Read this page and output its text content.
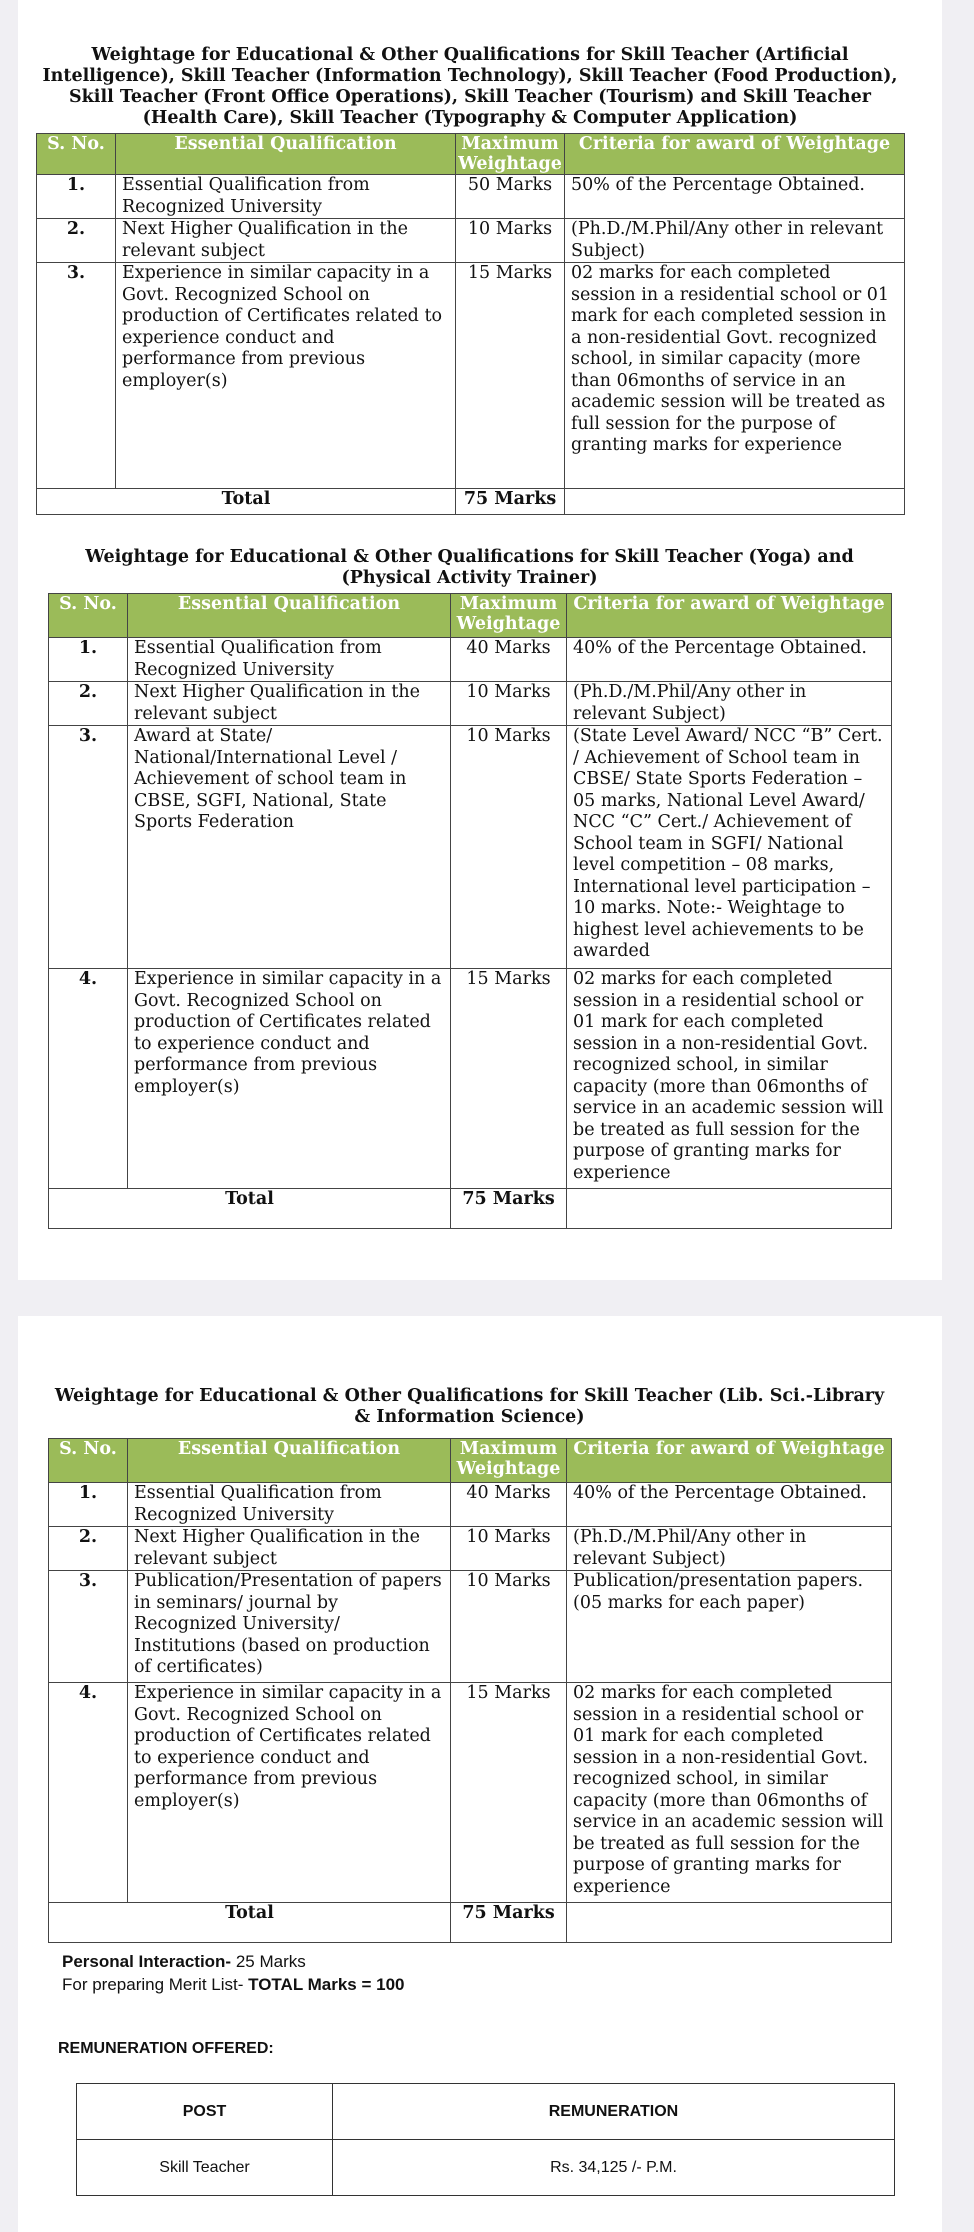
Weightage for Educational & Other Qualifications for Skill Teacher (Artificial Intelligence), Skill Teacher (Information Technology), Skill Teacher (Food Production), Skill Teacher (Front Office Operations), Skill Teacher (Tourism) and Skill Teacher (Health Care), Skill Teacher (Typography & Computer Application)

S. No.	Essential Qualification	Maximum Weightage	Criteria for award of Weightage
1.	Essential Qualification from Recognized University	50 Marks	50% of the Percentage Obtained.
2.	Next Higher Qualification in the relevant subject	10 Marks	(Ph.D./M.Phil/Any other in relevant Subject)
3.	Experience in similar capacity in a Govt. Recognized School on production of Certificates related to experience conduct and performance from previous employer(s)	15 Marks	02 marks for each completed session in a residential school or 01 mark for each completed session in a non-residential Govt. recognized school, in similar capacity (more than 06months of service in an academic session will be treated as full session for the purpose of granting marks for experience
Total		75 Marks	

Weightage for Educational & Other Qualifications for Skill Teacher (Yoga) and (Physical Activity Trainer)

S. No.	Essential Qualification	Maximum Weightage	Criteria for award of Weightage
1.	Essential Qualification from Recognized University	40 Marks	40% of the Percentage Obtained.
2.	Next Higher Qualification in the relevant subject	10 Marks	(Ph.D./M.Phil/Any other in relevant Subject)
3.	Award at State/ National/International Level / Achievement of school team in CBSE, SGFI, National, State Sports Federation	10 Marks	(State Level Award/ NCC “B” Cert. / Achievement of School team in CBSE/ State Sports Federation – 05 marks, National Level Award/ NCC “C” Cert./ Achievement of School team in SGFI/ National level competition – 08 marks, International level participation – 10 marks. Note:- Weightage to highest level achievements to be awarded
4.	Experience in similar capacity in a Govt. Recognized School on production of Certificates related to experience conduct and performance from previous employer(s)	15 Marks	02 marks for each completed session in a residential school or 01 mark for each completed session in a non-residential Govt. recognized school, in similar capacity (more than 06months of service in an academic session will be treated as full session for the purpose of granting marks for experience
Total		75 Marks	

Weightage for Educational & Other Qualifications for Skill Teacher (Lib. Sci.-Library & Information Science)

S. No.	Essential Qualification	Maximum Weightage	Criteria for award of Weightage
1.	Essential Qualification from Recognized University	40 Marks	40% of the Percentage Obtained.
2.	Next Higher Qualification in the relevant subject	10 Marks	(Ph.D./M.Phil/Any other in relevant Subject)
3.	Publication/Presentation of papers in seminars/ journal by Recognized University/ Institutions (based on production of certificates)	10 Marks	Publication/presentation papers. (05 marks for each paper)
4.	Experience in similar capacity in a Govt. Recognized School on production of Certificates related to experience conduct and performance from previous employer(s)	15 Marks	02 marks for each completed session in a residential school or 01 mark for each completed session in a non-residential Govt. recognized school, in similar capacity (more than 06months of service in an academic session will be treated as full session for the purpose of granting marks for experience
Total		75 Marks	
Personal Interaction- 25 Marks
For preparing Merit List- TOTAL Marks = 100
REMUNERATION OFFERED:
POST	REMUNERATION
Skill Teacher	Rs. 34,125 /- P.M.
